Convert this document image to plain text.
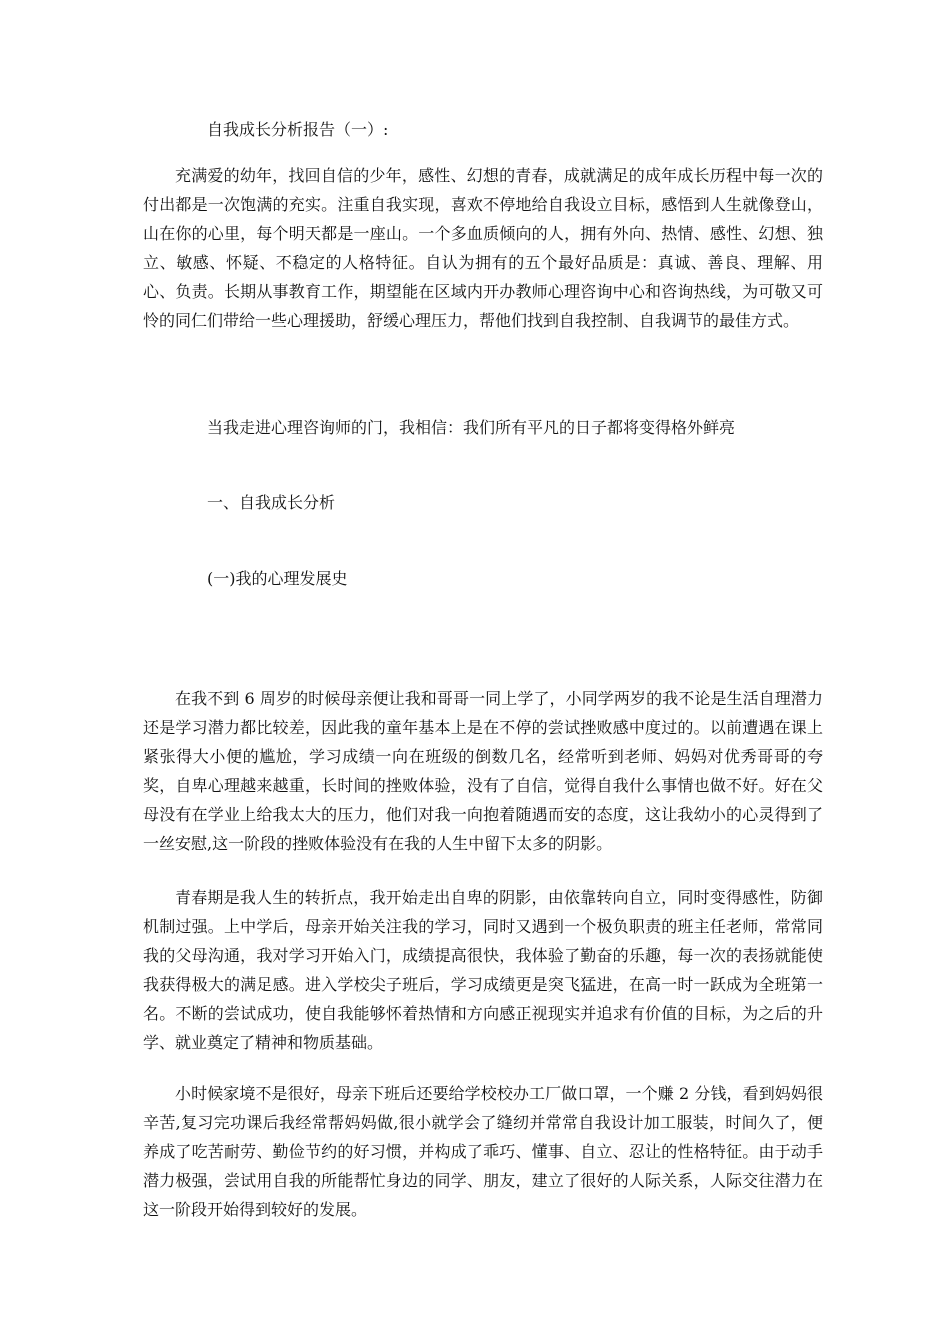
自我成长分析报告（一）:

充满爱的幼年，找回自信的少年，感性、幻想的青春，成就满足的成年成长历程中每一次的付出都是一次饱满的充实。注重自我实现，喜欢不停地给自我设立目标，感悟到人生就像登山，山在你的心里，每个明天都是一座山。一个多血质倾向的人，拥有外向、热情、感性、幻想、独立、敏感、怀疑、不稳定的人格特征。自认为拥有的五个最好品质是：真诚、善良、理解、用心、负责。长期从事教育工作，期望能在区域内开办教师心理咨询中心和咨询热线，为可敬又可怜的同仁们带给一些心理援助，舒缓心理压力，帮他们找到自我控制、自我调节的最佳方式。

当我走进心理咨询师的门，我相信：我们所有平凡的日子都将变得格外鲜亮

一、自我成长分析

(一)我的心理发展史

在我不到 6 周岁的时候母亲便让我和哥哥一同上学了，小同学两岁的我不论是生活自理潜力还是学习潜力都比较差，因此我的童年基本上是在不停的尝试挫败感中度过的。以前遭遇在课上紧张得大小便的尴尬，学习成绩一向在班级的倒数几名，经常听到老师、妈妈对优秀哥哥的夸奖，自卑心理越来越重，长时间的挫败体验，没有了自信，觉得自我什么事情也做不好。好在父母没有在学业上给我太大的压力，他们对我一向抱着随遇而安的态度，这让我幼小的心灵得到了一丝安慰,这一阶段的挫败体验没有在我的人生中留下太多的阴影。

青春期是我人生的转折点，我开始走出自卑的阴影，由依靠转向自立，同时变得感性，防御机制过强。上中学后，母亲开始关注我的学习，同时又遇到一个极负职责的班主任老师，常常同我的父母沟通，我对学习开始入门，成绩提高很快，我体验了勤奋的乐趣，每一次的表扬就能使我获得极大的满足感。进入学校尖子班后，学习成绩更是突飞猛进，在高一时一跃成为全班第一名。不断的尝试成功，使自我能够怀着热情和方向感正视现实并追求有价值的目标，为之后的升学、就业奠定了精神和物质基础。

小时候家境不是很好，母亲下班后还要给学校校办工厂做口罩，一个赚 2 分钱，看到妈妈很辛苦,复习完功课后我经常帮妈妈做,很小就学会了缝纫并常常自我设计加工服装，时间久了，便养成了吃苦耐劳、勤俭节约的好习惯，并构成了乖巧、懂事、自立、忍让的性格特征。由于动手潜力极强，尝试用自我的所能帮忙身边的同学、朋友，建立了很好的人际关系，人际交往潜力在这一阶段开始得到较好的发展。
